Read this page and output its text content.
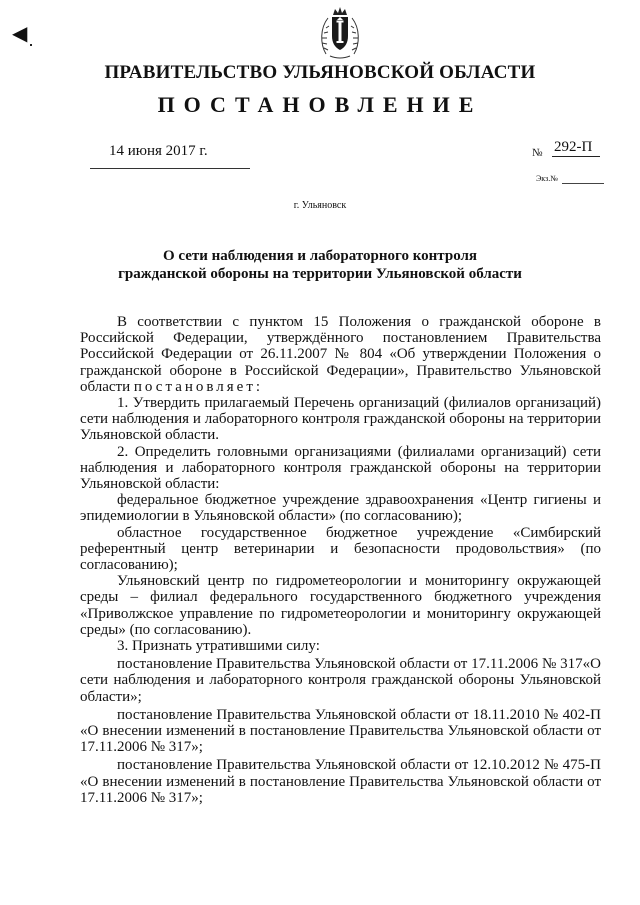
◀
ПРАВИТЕЛЬСТВО УЛЬЯНОВСКОЙ ОБЛАСТИ
ПОСТАНОВЛЕНИЕ
14 июня 2017 г.	№ 292-П
Экз.№
г. Ульяновск
О сети наблюдения и лабораторного контроля
гражданской обороны на территории Ульяновской области

В соответствии с пунктом 15 Положения о гражданской обороне в Российской Федерации, утверждённого постановлением Правительства Российской Федерации от 26.11.2007 № 804 «Об утверждении Положения о гражданской обороне в Российской Федерации», Правительство Ульяновской области постановляет:

1. Утвердить прилагаемый Перечень организаций (филиалов организаций) сети наблюдения и лабораторного контроля гражданской обороны на территории Ульяновской области.

2. Определить головными организациями (филиалами организаций) сети наблюдения и лабораторного контроля гражданской обороны на территории Ульяновской области:

федеральное бюджетное учреждение здравоохранения «Центр гигиены и эпидемиологии в Ульяновской области» (по согласованию);

областное государственное бюджетное учреждение «Симбирский референтный центр ветеринарии и безопасности продовольствия» (по согласованию);

Ульяновский центр по гидрометеорологии и мониторингу окружающей среды – филиал федерального государственного бюджетного учреждения «Приволжское управление по гидрометеорологии и мониторингу окружающей среды» (по согласованию).

3. Признать утратившими силу:

постановление Правительства Ульяновской области от 17.11.2006 № 317«О сети наблюдения и лабораторного контроля гражданской обороны Ульяновской области»;

постановление Правительства Ульяновской области от 18.11.2010 № 402-П «О внесении изменений в постановление Правительства Ульяновской области от 17.11.2006 № 317»;

постановление Правительства Ульяновской области от 12.10.2012 № 475-П «О внесении изменений в постановление Правительства Ульяновской области от 17.11.2006 № 317»;
